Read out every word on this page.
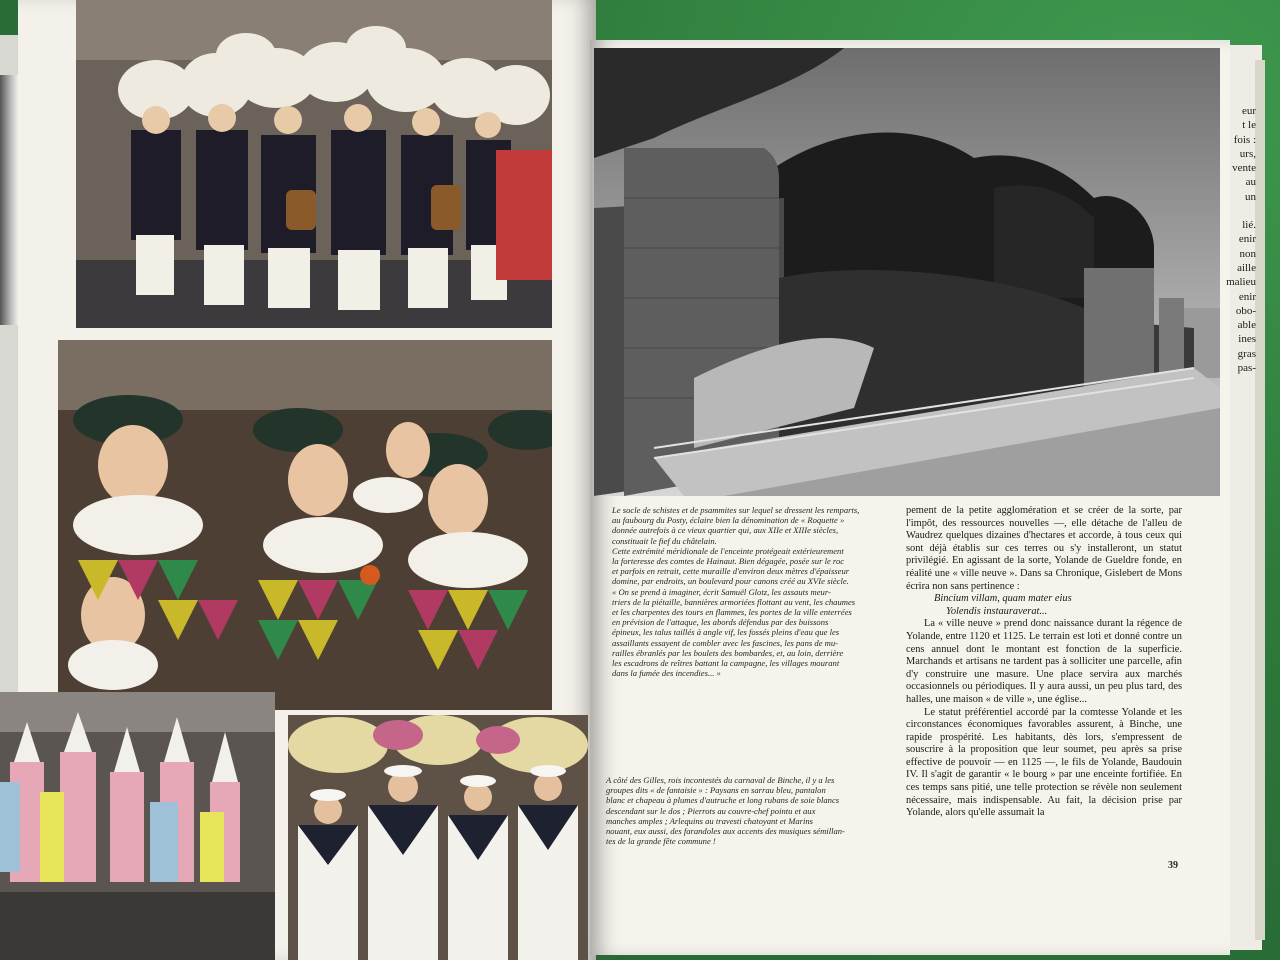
Le socle de schistes et de psammites sur lequel se dressent les remparts,
au faubourg du Posty, éclaire bien la dénomination de « Roquette »
donnée autrefois à ce vieux quartier qui, aux XIIe et XIIIe siècles,
constituait le fief du châtelain.
Cette extrémité méridionale de l'enceinte protégeait extérieurement
la forteresse des comtes de Hainaut. Bien dégagée, posée sur le roc
et parfois en retrait, cette muraille d'environ deux mètres d'épaisseur
domine, par endroits, un boulevard pour canons créé au XVIe siècle.
« On se prend à imaginer, écrit Samuël Glotz, les assauts meur-
triers de la piétaille, bannières armoriées flottant au vent, les chaumes
et les charpentes des tours en flammes, les portes de la ville enterrées
en prévision de l'attaque, les abords défendus par des buissons
épineux, les talus taillés à angle vif, les fossés pleins d'eau que les
assaillants essayent de combler avec les fascines, les pans de mu-
railles ébranlés par les boulets des bombardes, et, au loin, derrière
les escadrons de reîtres battant la campagne, les villages mourant
dans la fumée des incendies... »
A côté des Gilles, rois incontestés du carnaval de Binche, il y a les
groupes dits « de fantaisie » : Paysans en sarrau bleu, pantalon
blanc et chapeau à plumes d'autruche et long rubans de soie blancs
descendant sur le dos ; Pierrots au couvre-chef pointu et aux
manches amples ; Arlequins au travesti chatoyant et Marins
nouant, eux aussi, des farandoles aux accents des musiques sémillan-
tes de la grande fête commune !

pement de la petite agglomération et se créer de la sorte, par l'impôt, des ressources nouvelles —, elle détache de l'alleu de Waudrez quelques dizaines d'hectares et accorde, à tous ceux qui sont déjà établis sur ces terres ou s'y installeront, un statut privilégié. En agissant de la sorte, Yolande de Gueldre fonde, en réalité une « ville neuve ». Dans sa Chronique, Gislebert de Mons écrira non sans pertinence :

Bincium villam, quam mater eius

Yolendis instauraverat...

La « ville neuve » prend donc naissance durant la régence de Yolande, entre 1120 et 1125. Le terrain est loti et donné contre un cens annuel dont le montant est fonction de la superficie. Marchands et artisans ne tardent pas à solliciter une parcelle, afin d'y construire une masure. Une place servira aux marchés occasionnels ou périodiques. Il y aura aussi, un peu plus tard, des halles, une maison « de ville », une église...

Le statut préférentiel accordé par la comtesse Yolande et les circonstances économiques favorables assurent, à Binche, une rapide prospérité. Les habitants, dès lors, s'empressent de souscrire à la proposition que leur soumet, peu après sa prise effective de pouvoir — en 1125 —, le fils de Yolande, Baudouin IV. Il s'agit de garantir « le bourg » par une enceinte fortifiée. En ces temps sans pitié, une telle protection se révèle non seulement nécessaire, mais indispensable. Au fait, la décision prise par Yolande, alors qu'elle assumait la

eur
t le
fois :
urs,
vente
au
un
lié.
enir
non
aille
malieu
enir
obo-
able
ines
gras
pas-
39
